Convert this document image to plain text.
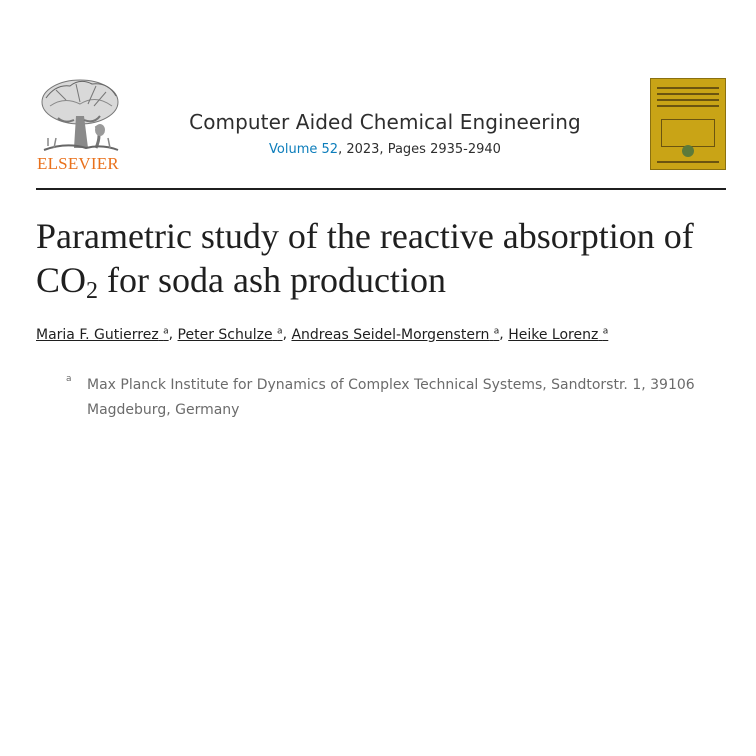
ELSEVIER
Computer Aided Chemical Engineering
Volume 52, 2023, Pages 2935-2940
Parametric study of the reactive absorption of $CO_2$ for soda ash production
Maria F. Gutierrez $^a$, Peter Schulze $^a$, Andreas Seidel-Morgenstern $^a$, Heike Lorenz $^a$
a	Max Planck Institute for Dynamics of Complex Technical Systems, Sandtorstr. 1, 39106 Magdeburg, Germany
